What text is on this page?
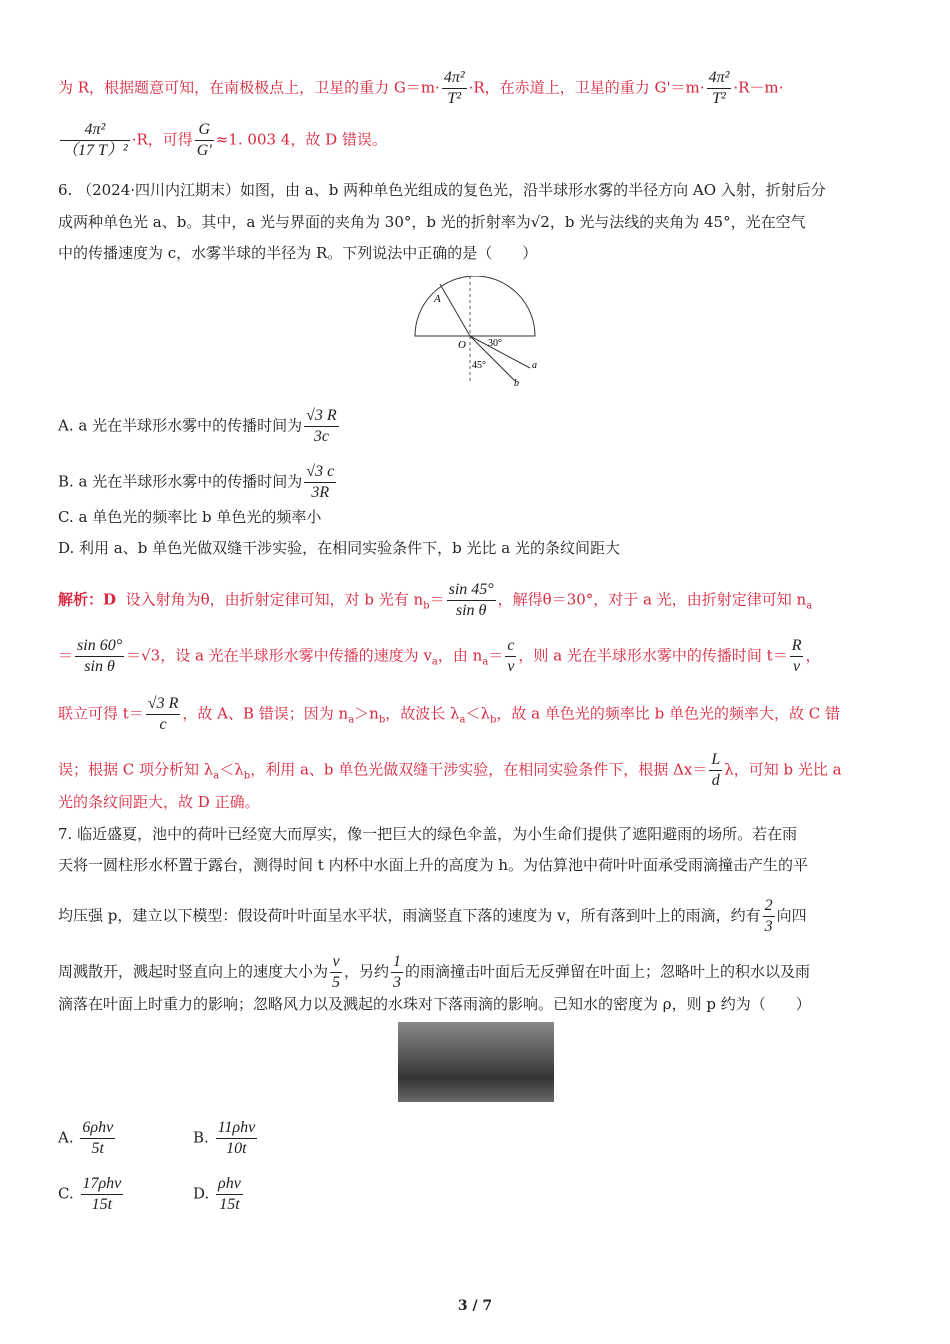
为 R，根据题意可知，在南极极点上，卫星的重力 $G=m\cdot \frac{\text{4π²}}{\text{T²}} \cdot R$，在赤道上，卫星的重力 $G'=m\cdot \frac{\text{4π²}}{\text{T²}} \cdot R-m\cdot$
$\frac{\text{4π²}}{\text{（17 T）²}} \cdot R$，可得 $\frac{G}{G'} \approx 1$. 003 4，故 D 错误。
6. （2024·四川内江期末）如图，由 a、b 两种单色光组成的复色光，沿半球形水雾的半径方向 AO 入射，折射后分
成两种单色光 a、b。其中，a 光与界面的夹角为 30°，b 光的折射率为√2，b 光与法线的夹角为 45°，光在空气
中的传播速度为 c，水雾半球的半径为 R。下列说法中正确的是（　　）
A
O 30°
45°	a
b
A. a 光在半球形水雾中的传播时间为 $\frac{√3 R}{3c}$
B. a 光在半球形水雾中的传播时间为 $\frac{√3 c}{3R}$
C. a 单色光的频率比 b 单色光的频率小
D. 利用 a、b 单色光做双缝干涉实验，在相同实验条件下，b 光比 a 光的条纹间距大
解析：D 设入射角为θ，由折射定律可知，对 b 光有 $n_b= \frac{\sin 45^\circ}{\text{sin θ}}$ ，解得θ＝30°，对于 a 光，由折射定律可知 $n_a$
＝ $\frac{\sin 60^\circ}{\text{sin θ}} =√3$，设 a 光在半球形水雾中传播的速度为 $v_a$，由 $n_a= \frac{c}{v}$ ，则 a 光在半球形水雾中的传播时间 $t= \frac{R}{v}$ ，
联立可得 $t= \frac{√3 R}{c}$ ，故 A、B 错误；因为 $n_a>n_b$，故波长 $\lambda_a<\lambda_b$，故 a 单色光的频率比 b 单色光的频率大，故 C 错
误；根据 C 项分析知 $\lambda_a<\lambda_b$，利用 a、b 单色光做双缝干涉实验，在相同实验条件下，根据 $\Delta x= \frac{L}{d}$ λ，可知 b 光比 a
光的条纹间距大，故 D 正确。
7. 临近盛夏，池中的荷叶已经宽大而厚实，像一把巨大的绿色伞盖，为小生命们提供了遮阳避雨的场所。若在雨
天将一圆柱形水杯置于露台，测得时间 t 内杯中水面上升的高度为 h。为估算池中荷叶叶面承受雨滴撞击产生的平
均压强 p，建立以下模型：假设荷叶叶面呈水平状，雨滴竖直下落的速度为 v，所有落到叶上的雨滴，约有 $\frac{2}{3}$ 向四
周溅散开，溅起时竖直向上的速度大小为 $\frac{v}{5}$ ，另约 $\frac{1}{3}$ 的雨滴撞击叶面后无反弹留在叶面上；忽略叶上的积水以及雨
滴落在叶面上时重力的影响；忽略风力以及溅起的水珠对下落雨滴的影响。已知水的密度为 ρ，则 p 约为（　　）
A. $\frac{\text{6ρhv}}{5t}$	B. $\frac{\text{11ρhv}}{10t}$
C. $\frac{\text{17ρhv}}{15t}$	D. $\frac{\text{ρhv}}{15t}$
3 / 7
